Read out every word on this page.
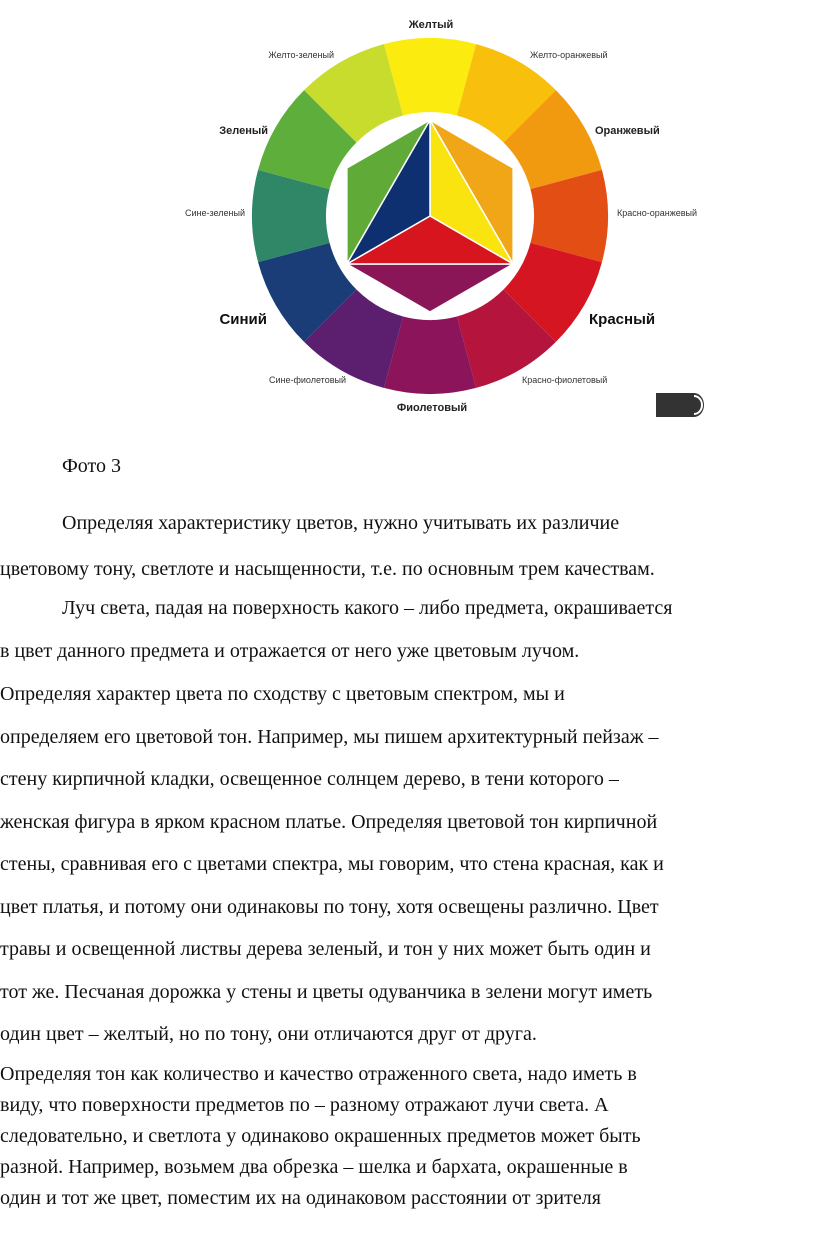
Желтый
Желто-оранжевый
Оранжевый
Красно-оранжевый
Красный
Красно-фиолетовый
Фиолетовый
Сине-фиолетовый
Синий
Сине-зеленый
Зеленый
Желто-зеленый
Фото 3
Определяя характеристику цветов, нужно учитывать их различие
цветовому тону, светлоте и насыщенности, т.е. по основным трем качествам.
Луч света, падая на поверхность какого – либо предмета, окрашивается
в цвет данного предмета и отражается от него уже цветовым лучом.
Определяя характер цвета по сходству с цветовым спектром, мы и
определяем его цветовой тон. Например, мы пишем архитектурный пейзаж –
стену кирпичной кладки, освещенное солнцем дерево, в тени которого –
женская фигура в ярком красном платье. Определяя цветовой тон кирпичной
стены, сравнивая его с цветами спектра, мы говорим, что стена красная, как и
цвет платья, и потому они одинаковы по тону, хотя освещены различно. Цвет
травы и освещенной листвы дерева зеленый, и тон у них может быть один и
тот же. Песчаная дорожка у стены и цветы одуванчика в зелени могут иметь
один цвет – желтый, но по тону, они отличаются друг от друга.
Определяя тон как количество и качество отраженного света, надо иметь в
виду, что поверхности предметов по – разному отражают лучи света. А
следовательно, и светлота у одинаково окрашенных предметов может быть
разной. Например, возьмем два обрезка – шелка и бархата, окрашенные в
один и тот же цвет, поместим их на одинаковом расстоянии от зрителя
